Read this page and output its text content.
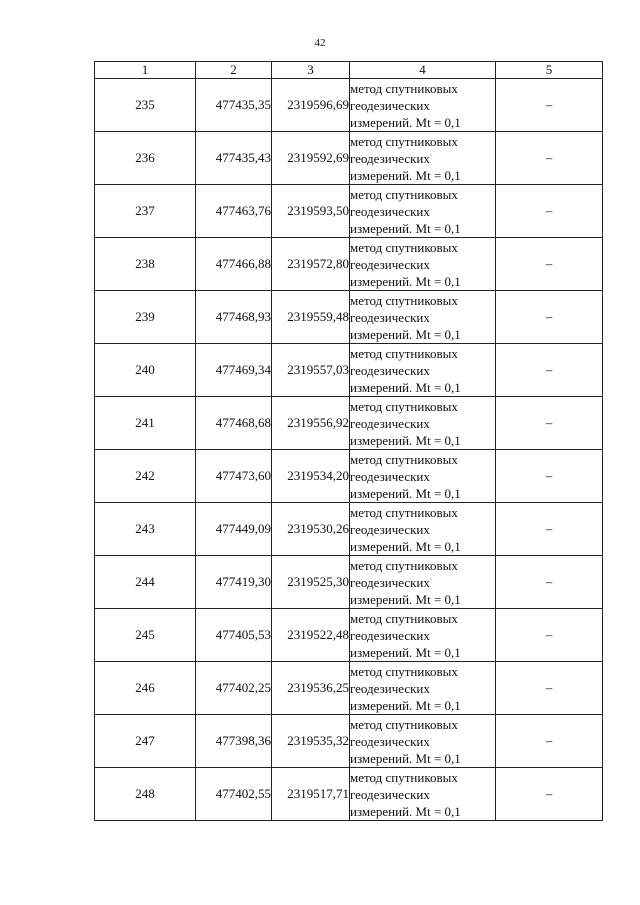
42
1	2	3	4	5
235	477435,35	2319596,69	метод спутниковых
геодезических
измерений. Mt = 0,1	–
236	477435,43	2319592,69	метод спутниковых
геодезических
измерений. Mt = 0,1	–
237	477463,76	2319593,50	метод спутниковых
геодезических
измерений. Mt = 0,1	–
238	477466,88	2319572,80	метод спутниковых
геодезических
измерений. Mt = 0,1	–
239	477468,93	2319559,48	метод спутниковых
геодезических
измерений. Mt = 0,1	–
240	477469,34	2319557,03	метод спутниковых
геодезических
измерений. Mt = 0,1	–
241	477468,68	2319556,92	метод спутниковых
геодезических
измерений. Mt = 0,1	–
242	477473,60	2319534,20	метод спутниковых
геодезических
измерений. Mt = 0,1	–
243	477449,09	2319530,26	метод спутниковых
геодезических
измерений. Mt = 0,1	–
244	477419,30	2319525,30	метод спутниковых
геодезических
измерений. Mt = 0,1	–
245	477405,53	2319522,48	метод спутниковых
геодезических
измерений. Mt = 0,1	–
246	477402,25	2319536,25	метод спутниковых
геодезических
измерений. Mt = 0,1	–
247	477398,36	2319535,32	метод спутниковых
геодезических
измерений. Mt = 0,1	–
248	477402,55	2319517,71	метод спутниковых
геодезических
измерений. Mt = 0,1	–
